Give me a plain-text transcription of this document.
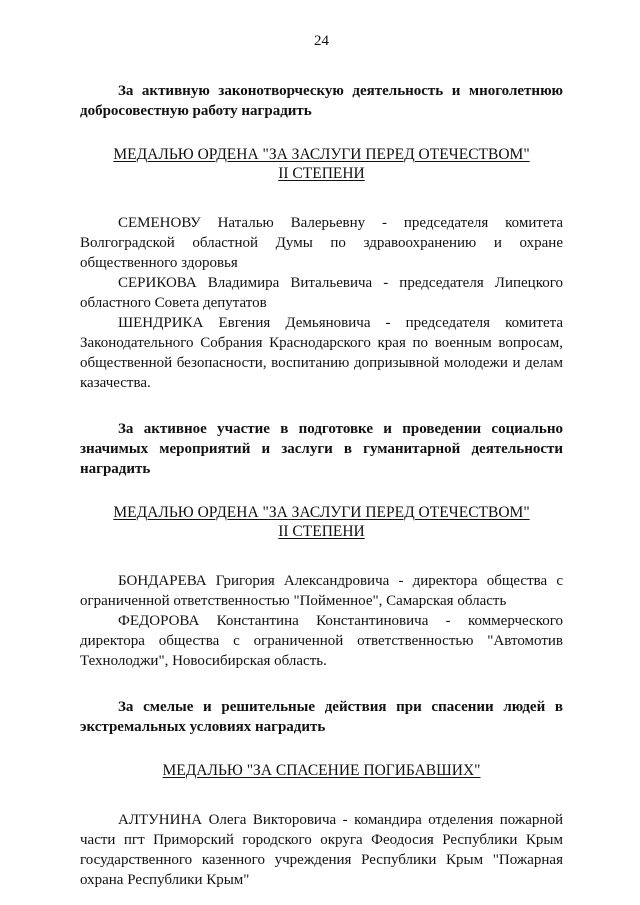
24

За активную законотворческую деятельность и многолетнюю добросовестную работу наградить

МЕДАЛЬЮ ОРДЕНА "ЗА ЗАСЛУГИ ПЕРЕД ОТЕЧЕСТВОМ"
II СТЕПЕНИ

СЕМЕНОВУ Наталью Валерьевну - председателя комитета Волгоградской областной Думы по здравоохранению и охране общественного здоровья

СЕРИКОВА Владимира Витальевича - председателя Липецкого областного Совета депутатов

ШЕНДРИКА Евгения Демьяновича - председателя комитета Законодательного Собрания Краснодарского края по военным вопросам, общественной безопасности, воспитанию допризывной молодежи и делам казачества.

За активное участие в подготовке и проведении социально значимых мероприятий и заслуги в гуманитарной деятельности наградить

МЕДАЛЬЮ ОРДЕНА "ЗА ЗАСЛУГИ ПЕРЕД ОТЕЧЕСТВОМ"
II СТЕПЕНИ

БОНДАРЕВА Григория Александровича - директора общества с ограниченной ответственностью "Пойменное", Самарская область

ФЕДОРОВА Константина Константиновича - коммерческого директора общества с ограниченной ответственностью "Автомотив Технолоджи", Новосибирская область.

За смелые и решительные действия при спасении людей в экстремальных условиях наградить

МЕДАЛЬЮ "ЗА СПАСЕНИЕ ПОГИБАВШИХ"

АЛТУНИНА Олега Викторовича - командира отделения пожарной части пгт Приморский городского округа Феодосия Республики Крым государственного казенного учреждения Республики Крым "Пожарная охрана Республики Крым"
